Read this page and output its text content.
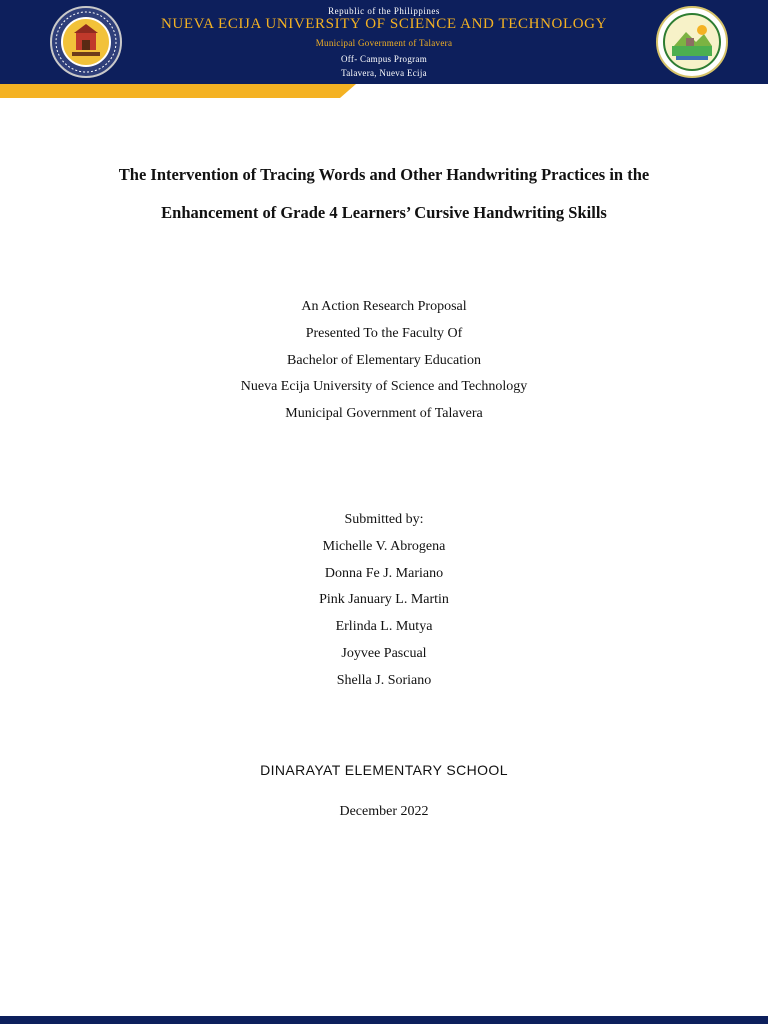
Republic of the Philippines
NUEVA ECIJA UNIVERSITY OF SCIENCE AND TECHNOLOGY
Municipal Government of Talavera
Off- Campus Program
Talavera, Nueva Ecija
The Intervention of Tracing Words and Other Handwriting Practices in the
Enhancement of Grade 4 Learners’ Cursive Handwriting Skills
An Action Research Proposal
Presented To the Faculty Of
Bachelor of Elementary Education
Nueva Ecija University of Science and Technology
Municipal Government of Talavera
Submitted by:
Michelle V. Abrogena
Donna Fe J. Mariano
Pink January L. Martin
Erlinda L. Mutya
Joyvee Pascual
Shella J. Soriano
DINARAYAT ELEMENTARY SCHOOL
December 2022
